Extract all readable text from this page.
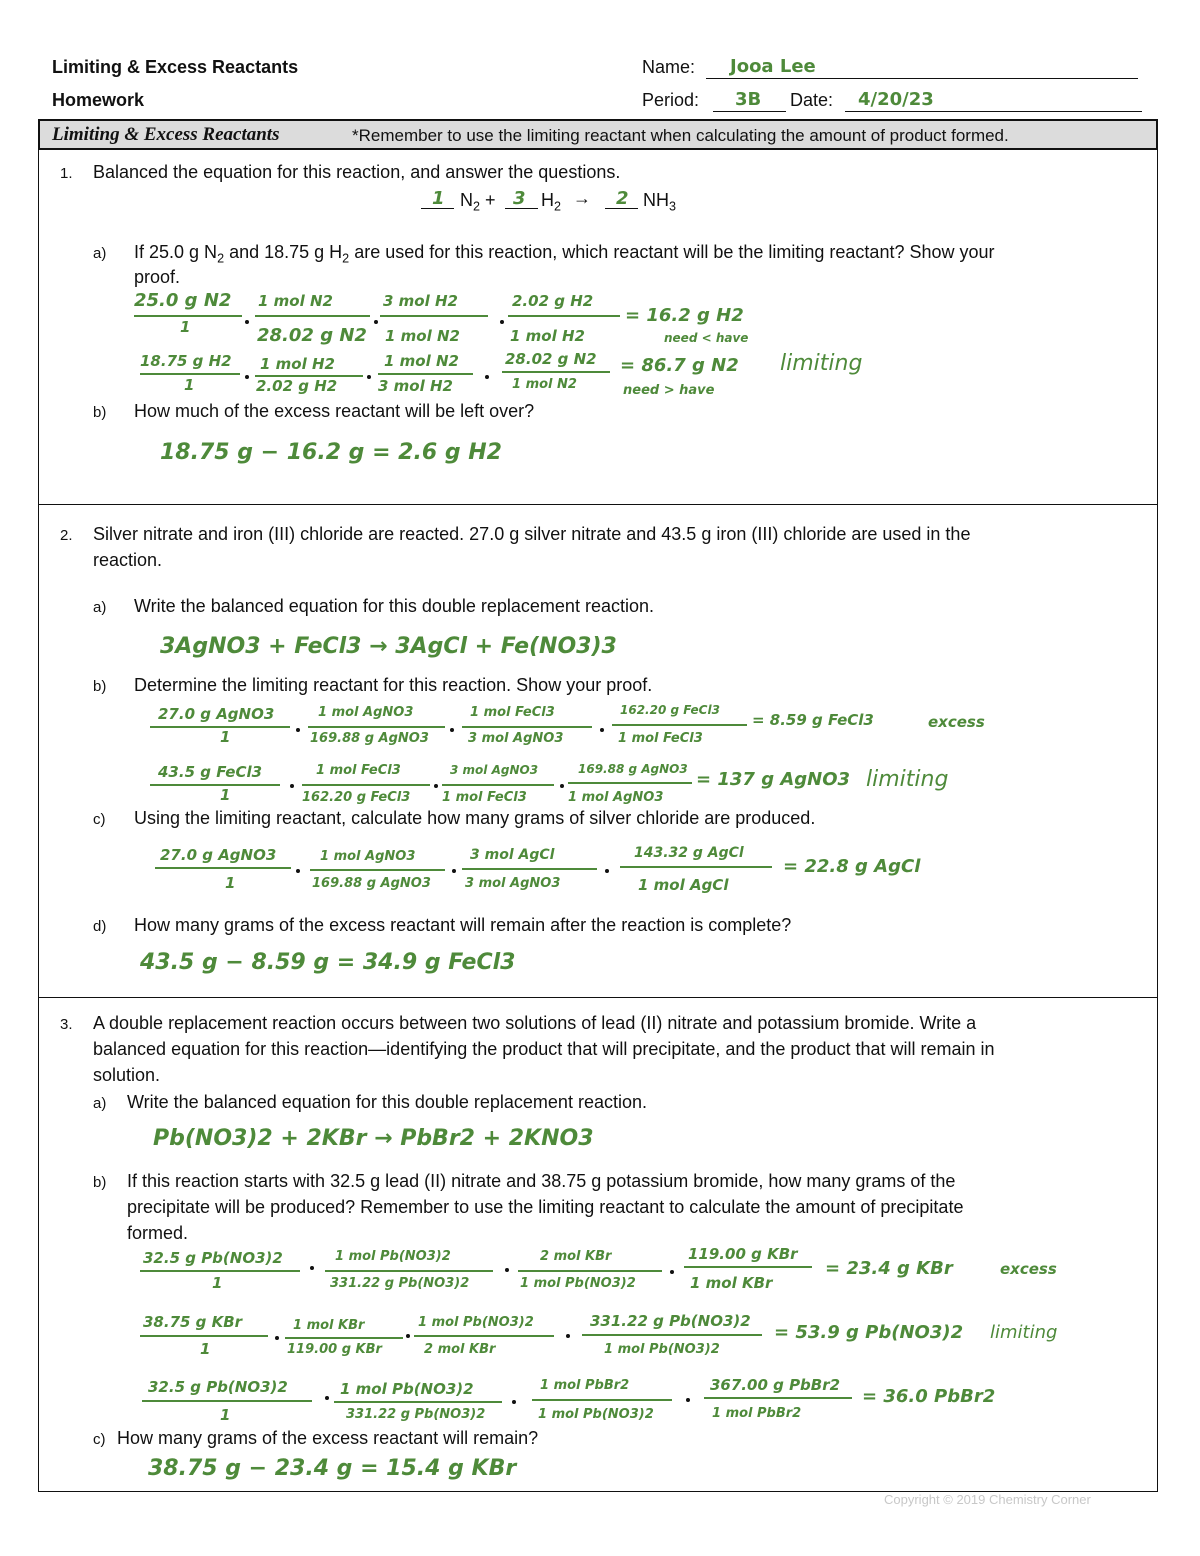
Limiting & Excess Reactants
Homework
Name: Jooa Lee
Period: 3B Date: 4/20/23
Limiting & Excess Reactants	*Remember to use the limiting reactant when calculating the amount of product formed.
1. Balanced the equation for this reaction, and answer the questions.
1 $N_2 + 3$ $H_2 \to 2$ $NH_3$
a) If 25.0 g $N_2$ and 18.75 g $H_2$ are used for this reaction, which reactant will be the limiting reactant? Show your
proof.
25.0 g N2
1
1 mol N2
28.02 g N2
3 mol H2
1 mol N2
2.02 g H2
1 mol H2
= 16.2 g H2
need < have
18.75 g H2
1
1 mol H2
2.02 g H2
1 mol N2
3 mol H2
28.02 g N2
1 mol N2
= 86.7 g N2 limiting
need > have
b) How much of the excess reactant will be left over?
18.75 g − 16.2 g = 2.6 g H2
2. Silver nitrate and iron (III) chloride are reacted. 27.0 g silver nitrate and 43.5 g iron (III) chloride are used in the
reaction.
a) Write the balanced equation for this double replacement reaction.
3AgNO3 + FeCl3 → 3AgCl + Fe(NO3)3
b) Determine the limiting reactant for this reaction. Show your proof.
27.0 g AgNO3
1
1 mol AgNO3
169.88 g AgNO3
1 mol FeCl3
3 mol AgNO3
162.20 g FeCl3
1 mol FeCl3
= 8.59 g FeCl3	excess
43.5 g FeCl3
1
1 mol FeCl3
162.20 g FeCl3
3 mol AgNO3
1 mol FeCl3
169.88 g AgNO3
1 mol AgNO3
= 137 g AgNO3 limiting
c) Using the limiting reactant, calculate how many grams of silver chloride are produced.
27.0 g AgNO3
1
1 mol AgNO3
169.88 g AgNO3
3 mol AgCl
3 mol AgNO3
143.32 g AgCl
1 mol AgCl
= 22.8 g AgCl
d) How many grams of the excess reactant will remain after the reaction is complete?
43.5 g − 8.59 g = 34.9 g FeCl3
3. A double replacement reaction occurs between two solutions of lead (II) nitrate and potassium bromide. Write a
balanced equation for this reaction—identifying the product that will precipitate, and the product that will remain in
solution.
a) Write the balanced equation for this double replacement reaction.
Pb(NO3)2 + 2KBr → PbBr2 + 2KNO3
b) If this reaction starts with 32.5 g lead (II) nitrate and 38.75 g potassium bromide, how many grams of the
precipitate will be produced? Remember to use the limiting reactant to calculate the amount of precipitate
formed.
32.5 g Pb(NO3)2
1
1 mol Pb(NO3)2
331.22 g Pb(NO3)2
2 mol KBr
1 mol Pb(NO3)2
119.00 g KBr
1 mol KBr
= 23.4 g KBr	excess
38.75 g KBr
1
1 mol KBr
119.00 g KBr
1 mol Pb(NO3)2
2 mol KBr
331.22 g Pb(NO3)2
1 mol Pb(NO3)2
= 53.9 g Pb(NO3)2 limiting
32.5 g Pb(NO3)2
1
1 mol Pb(NO3)2
331.22 g Pb(NO3)2
1 mol PbBr2
1 mol Pb(NO3)2
367.00 g PbBr2
1 mol PbBr2
= 36.0 PbBr2
c) How many grams of the excess reactant will remain?
38.75 g − 23.4 g = 15.4 g KBr
Copyright © 2019 Chemistry Corner
